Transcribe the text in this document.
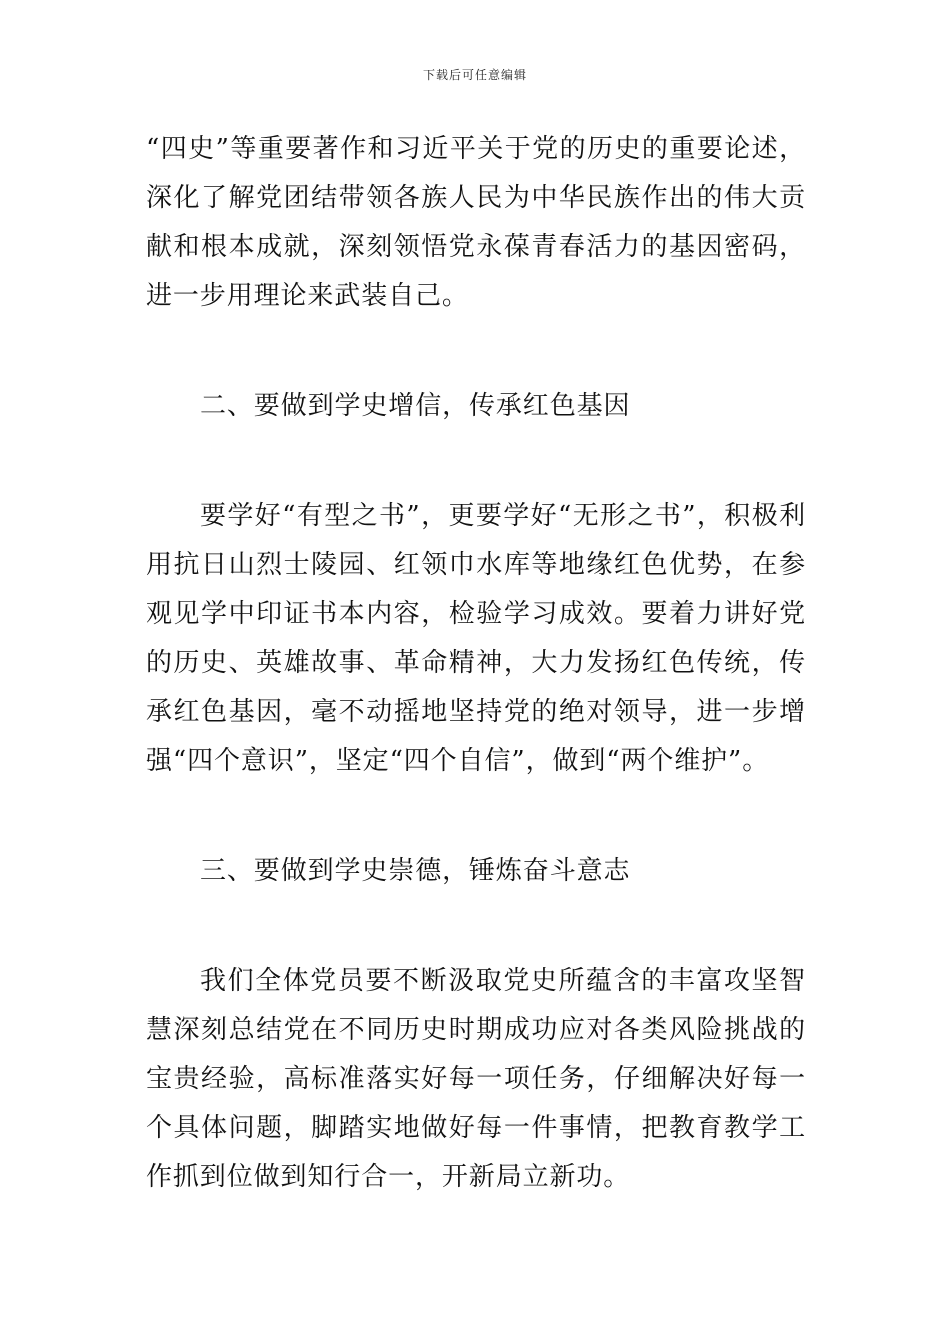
下载后可任意编辑

“四史”等重要著作和习近平关于党的历史的重要论述，深化了解党团结带领各族人民为中华民族作出的伟大贡献和根本成就，深刻领悟党永葆青春活力的基因密码，进一步用理论来武装自己。

二、要做到学史增信，传承红色基因

要学好“有型之书”，更要学好“无形之书”，积极利用抗日山烈士陵园、红领巾水库等地缘红色优势，在参观见学中印证书本内容，检验学习成效。要着力讲好党的历史、英雄故事、革命精神，大力发扬红色传统，传承红色基因，毫不动摇地坚持党的绝对领导，进一步增强“四个意识”，坚定“四个自信”，做到“两个维护”。

三、要做到学史崇德，锤炼奋斗意志

我们全体党员要不断汲取党史所蕴含的丰富攻坚智慧深刻总结党在不同历史时期成功应对各类风险挑战的宝贵经验，高标准落实好每一项任务，仔细解决好每一个具体问题，脚踏实地做好每一件事情，把教育教学工作抓到位做到知行合一，开新局立新功。
